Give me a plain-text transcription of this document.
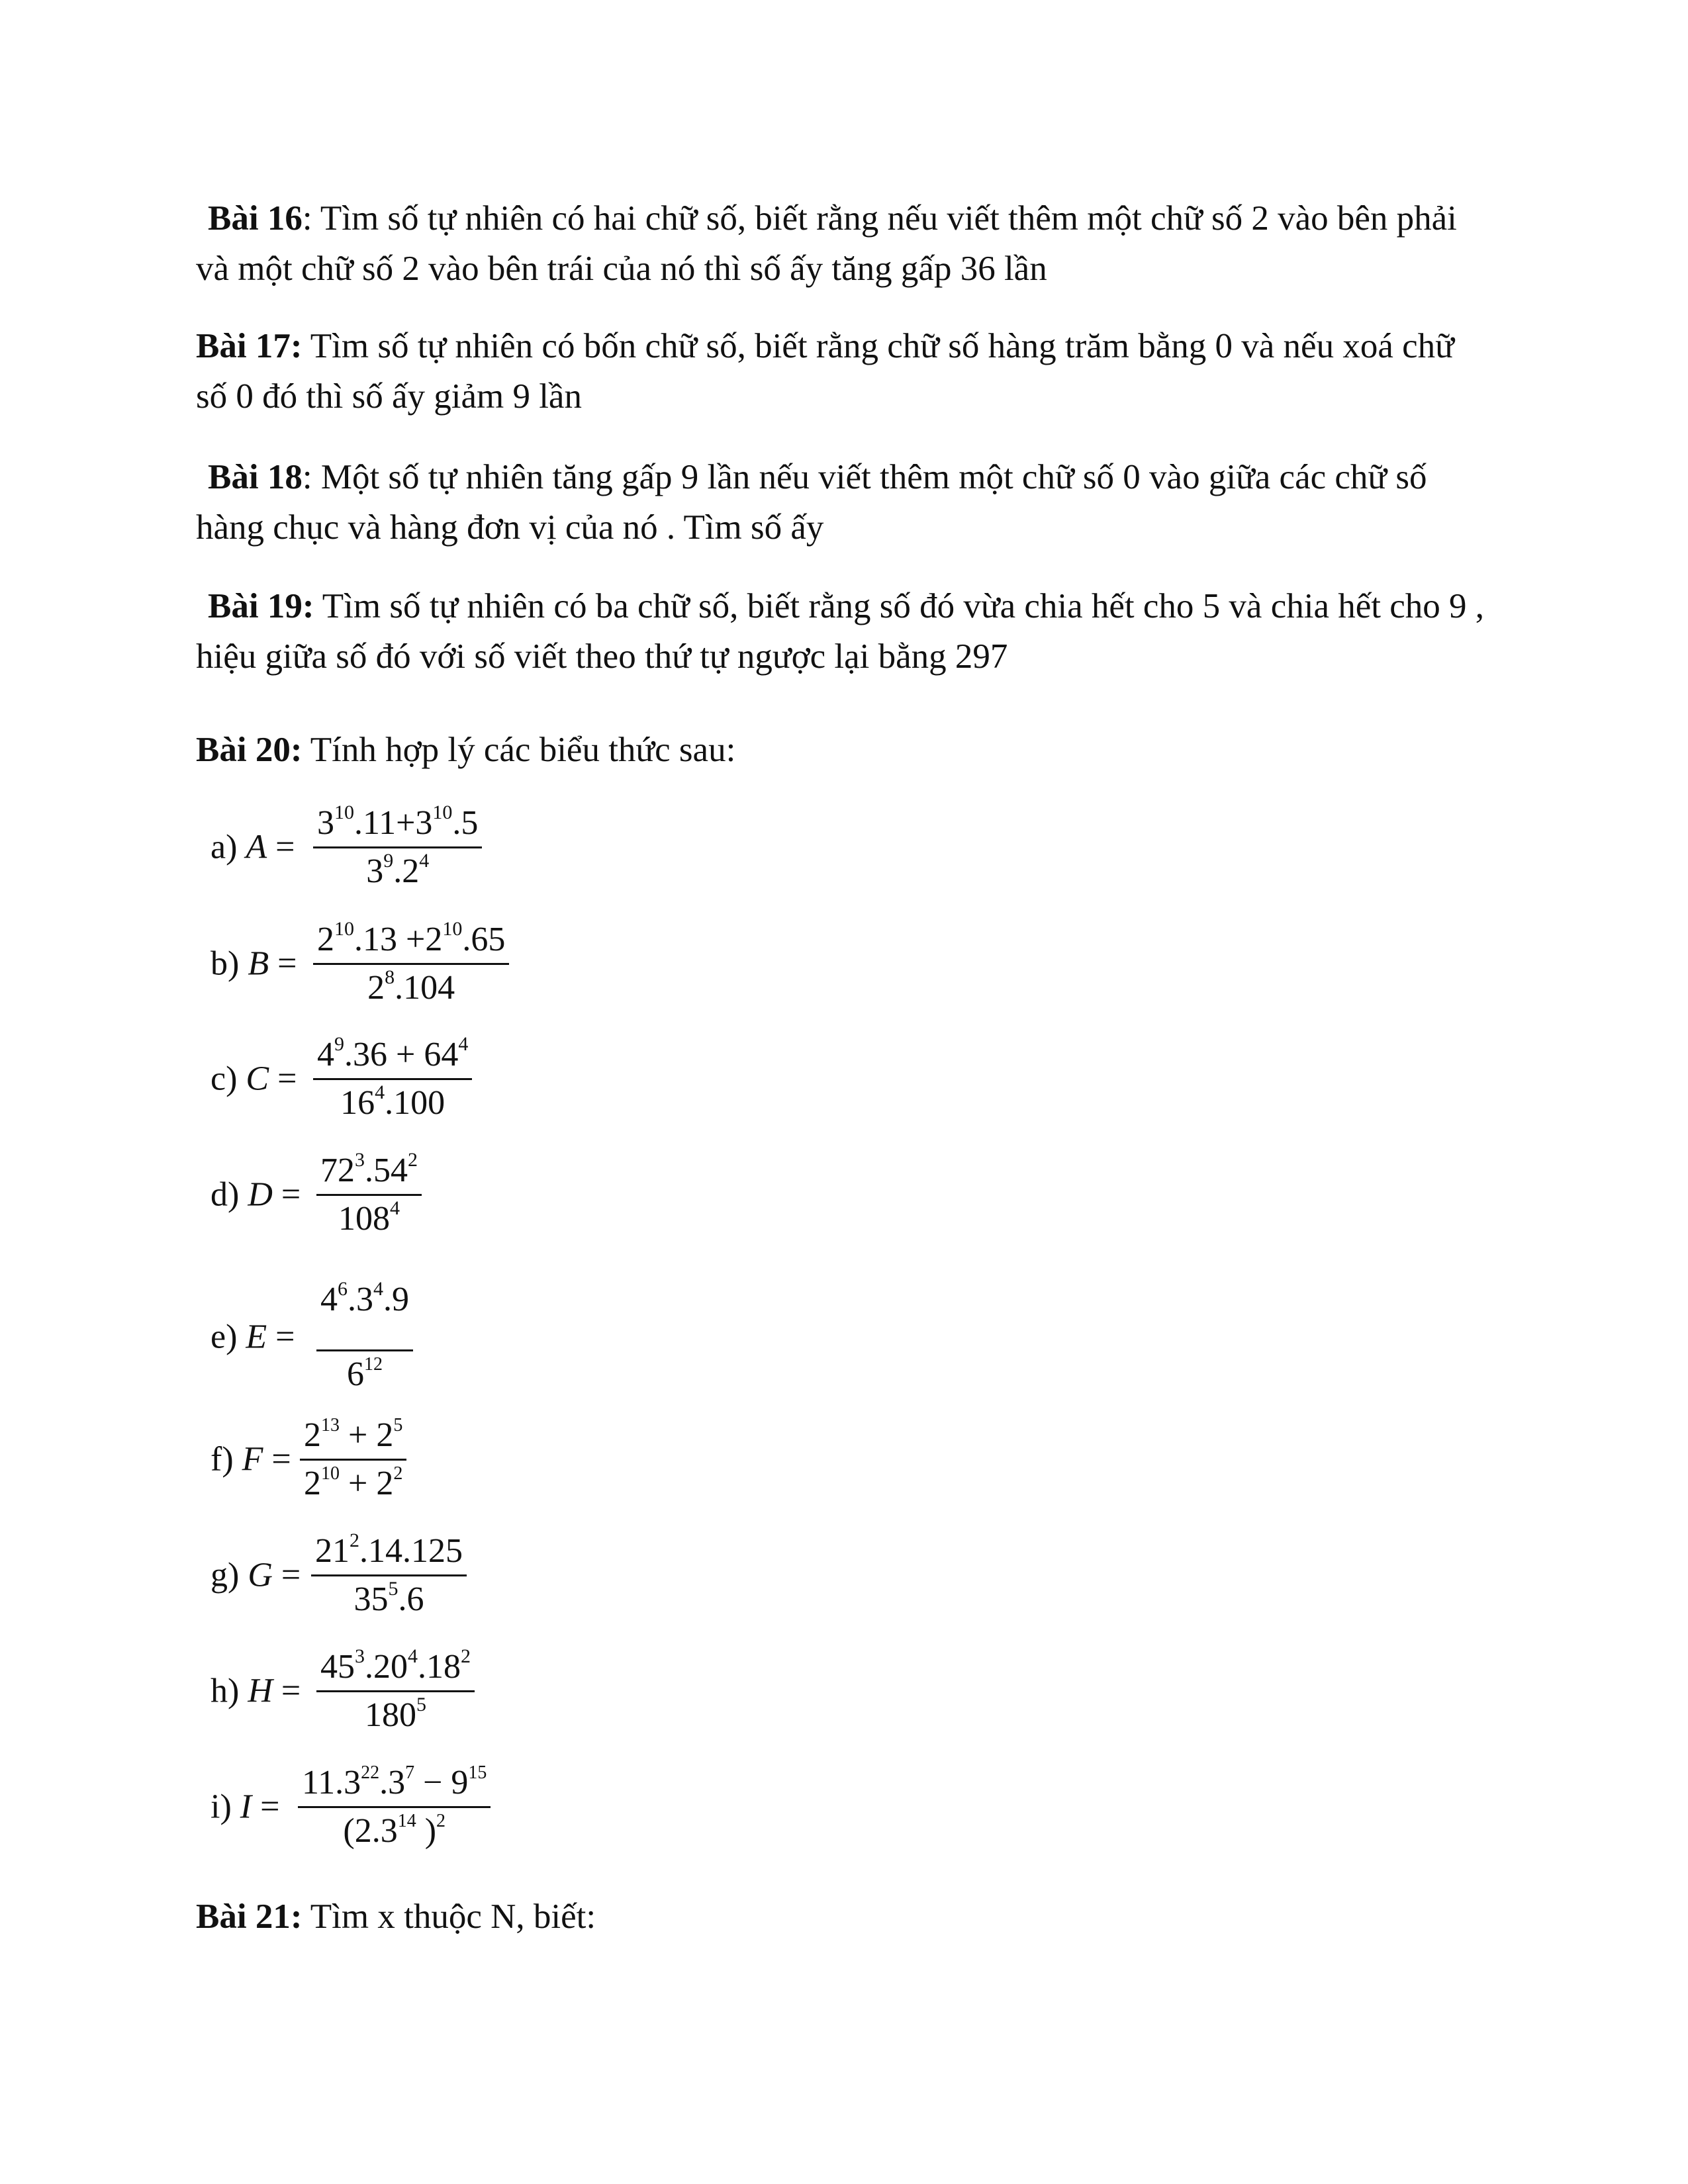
Bài 16: Tìm số tự nhiên có hai chữ số, biết rằng nếu viết thêm một chữ số 2 vào bên phải và một chữ số 2 vào bên trái của nó thì số ấy tăng gấp 36 lần

Bài 17: Tìm số tự nhiên có bốn chữ số, biết rằng chữ số hàng trăm bằng 0 và nếu xoá chữ số 0 đó thì số ấy giảm 9 lần

Bài 18: Một số tự nhiên tăng gấp 9 lần nếu viết thêm một chữ số 0 vào giữa các chữ số hàng chục và hàng đơn vị của nó . Tìm số ấy

Bài 19: Tìm số tự nhiên có ba chữ số, biết rằng số đó vừa chia hết cho 5 và chia hết cho 9 , hiệu giữa số đó với số viết theo thứ tự ngược lại bằng 297

Bài 20: Tính hợp lý các biểu thức sau:

a) A =
$3^{10}.11+3^{10}.5$
$3^9.2^4$
b) B =
$2^{10}.13 +2^{10}.65$
$2^8.104$
c) C =
$4^9.36 + 64^4$
$16^4.100$
d) D =
$72^3.54^2$
$108^4$
e) E =
$4^6.3^4.9$
$6^{12}$
f) F =
$2^{13} + 2^5$
$2^{10} + 2^2$
g) G =
$21^2.14.125$
$35^5.6$
h) H =
$45^3.20^4.18^2$
$180^5$
i) I =
$11.3^{22}.3^7 - 9^{15}$
($2.3^{14}$ )$^2$

Bài 21: Tìm x thuộc N, biết:
